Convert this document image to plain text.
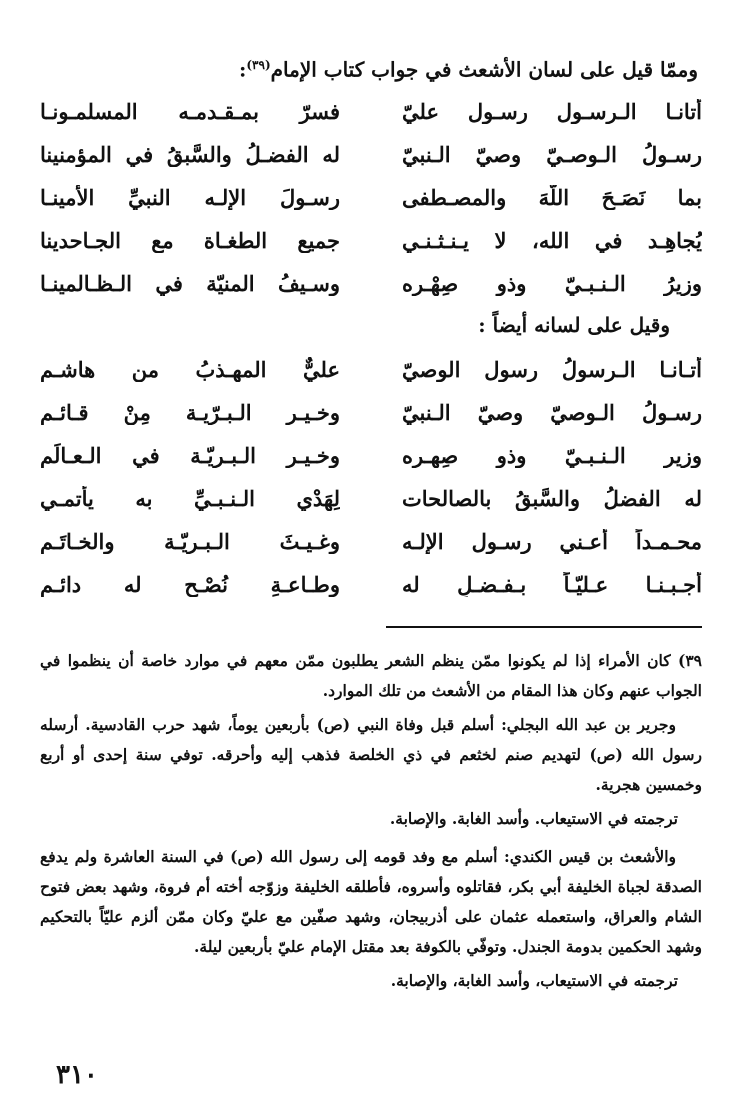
وممّا قيل على لسان الأشعث في جواب كتاب الإمام$^{(٣٩)}$:
أتانـا الـرسـول رسـول عليّ
فسرّ بمـقـدمـه المسلمـونـا
رسـولُ الـوصـيّ وصيّ الـنبيّ
له الفضـلُ والسَّبقُ في المؤمنينا
بما نَصَـحَ اللّهَ والمصـطفى
رسـولَ الإلـه النبيِّ الأمينـا
يُجاهِـد في الله، لا يـنـثـنـي
جميع الطغـاة مع الجـاحدينا
وزيرُ الـنـبـيّ وذو صِهْـرِه
وسـيفُ المنيّة في الـظـالمينـا
وقيل على لسانه أيضاً :
أتـانـا الـرسولُ رسول الوصيّ
عليٌّ المهـذبُ من هاشـم
رسـولُ الـوصيّ وصيّ الـنبيّ
وخـيـر الـبـرّيـة مِنْ قـائـم
وزير الـنـبـيّ وذو صِهـره
وخـيـر الـبـريّـة في الـعـالَم
له الفضلُ والسَّبقُ بالصالحات
لِهَدْي الـنـبـيِّ به يأتمـي
محـمـداً أعـني رسـول الإلـه
وغـيـثَ الـبـريّـة والخـاتَـم
أجـبـنـا عـليّـاً بـفـضـلٍ له
وطـاعـةِ نُصْـحٍ له دائـم

٣٩) كان الأمراء إذا لم يكونوا ممّن ينظم الشعر يطلبون ممّن معهم في موارد خاصة أن ينظموا في الجواب عنهم وكان هذا المقام من الأشعث من تلك الموارد.

وجرير بن عبد الله البجلي: أسلم قبل وفاة النبي (ص) بأربعين يوماً، شهد حرب القادسية. أرسله رسول الله (ص) لتهديم صنم لخثعم في ذي الخلصة فذهب إليه وأحرقه. توفي سنة إحدى أو أربع وخمسين هجرية.

ترجمته في الاستيعاب. وأسد الغابة. والإصابة.

والأشعث بن قيس الكندي: أسلم مع وفد قومه إلى رسول الله (ص) في السنة العاشرة ولم يدفع الصدقة لجباة الخليفة أبي بكر، فقاتلوه وأسروه، فأطلقه الخليفة وزوّجه أخته أم فروة، وشهد بعض فتوح الشام والعراق، واستعمله عثمان على أذربيجان، وشهد صفّين مع عليّ وكان ممّن ألزم عليّاً بالتحكيم وشهد الحكمين بدومة الجندل. وتوفّي بالكوفة بعد مقتل الإمام عليّ بأربعين ليلة.

ترجمته في الاستيعاب، وأسد الغابة، والإصابة.

٣١٠
